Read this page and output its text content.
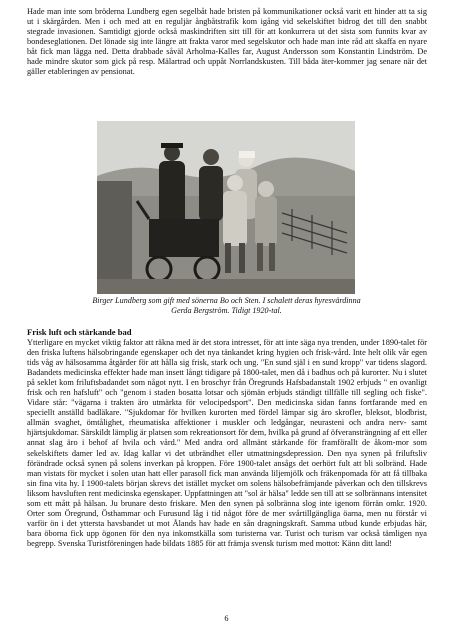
Hade man inte som bröderna Lundberg egen segelbåt hade bristen på kommunikationer också varit ett hinder att ta sig ut i skärgården. Men i och med att en reguljär ångbåtstrafik kom igång vid sekelskiftet bidrog det till den snabbt stegrade invasionen. Samtidigt gjorde också maskindriften sitt till för att konkurrera ut det sista som funnits kvar av bondeseglationen. Det lönade sig inte längre att frakta varor med segelskutor och hade man inte råd att skaffa en nyare båt fick man lägga ned. Detta drabbade såväl Arholma-Kalles far, August Andersson som Konstantin Lindström. De hade mindre skutor som gick på resp. Mälartrad och uppåt Norrlandskusten. Till båda äter-kommer jag senare när det gäller etableringen av pensionat.

Birger Lundberg som gift med sönerna Bo och Sten. I schalett deras hyresvärdinna
Gerda Bergström. Tidigt 1920-tal.

Frisk luft och stärkande bad

Ytterligare en mycket viktig faktor att räkna med är det stora intresset, för att inte säga nya trenden, under 1890-talet för den friska luftens hälsobringande egenskaper och det nya tänkandet kring hygien och frisk-vård. Inte helt olik vår egen tids våg av hälsosamma åtgärder för att hålla sig frisk, stark och ung. "En sund själ i en sund kropp" var tidens slagord. Badandets medicinska effekter hade man insett långt tidigare på 1800-talet, men då i badhus och på kurorter. Nu i slutet på seklet kom friluftsbadandet som något nytt. I en broschyr från Öregrunds Hafsbadanstalt 1902 erbjuds " en ovanligt frisk och ren hafsluft" och "genom i staden bosatta lotsar och sjömän erbjuds ständigt tillfälle till segling och fiske". Vidare står: "vägarna i trakten äro utmärkta för velocipedsport". Den medicinska sidan fanns fortfarande med en speciellt anställd badläkare. "Sjukdomar för hvilken kurorten med fördel lämpar sig äro skrofler, bleksot, blodbrist, allmän svaghet, ömtålighet, rheumatiska affektioner i muskler och ledgångar, neurasteni och andra nerv- samt hjärtsjukdomar. Särskildt lämplig är platsen som rekreationsort för dem, hvilka på grund af öfveransträngning af ett eller annat slag äro i behof af hvila och vård." Med andra ord allmänt stärkande för framförallt de åkom-mor som sekelskiftets damer led av. Idag kallar vi det utbrändhet eller utmattningsdepression. Den nya synen på friluftsliv förändrade också synen på solens inverkan på kroppen. Före 1900-talet ansågs det oerhört fult att bli solbränd. Hade man vistats för mycket i solen utan hatt eller parasoll fick man använda liljemjölk och fräkenpomada för att få tillbaka sin fina vita hy. I 1900-talets början skrevs det istället mycket om solens hälsobefrämjande påverkan och den tillskrevs liksom havsluften rent medicinska egenskaper. Uppfattningen att "sol är hälsa" ledde sen till att se solbrännans intensitet som ett mått på hälsan. Ju brunare desto friskare. Men den synen på solbränna slog inte igenom förrän omkr. 1920. Orter som Öregrund, Östhammar och Furusund låg i tid något före de mer svårtillgängliga öarna, men nu förstår vi varför ön i det yttersta havsbandet ut mot Ålands hav hade en sån dragningskraft. Samma utbud kunde erbjudas här, bara öborna fick upp ögonen för den nya inkomstkälla som turisterna var. Turist och turism var också tämligen nya begrepp. Svenska Turistföreningen hade bildats 1885 för att främja svensk turism med mottot: Känn ditt land!

6
